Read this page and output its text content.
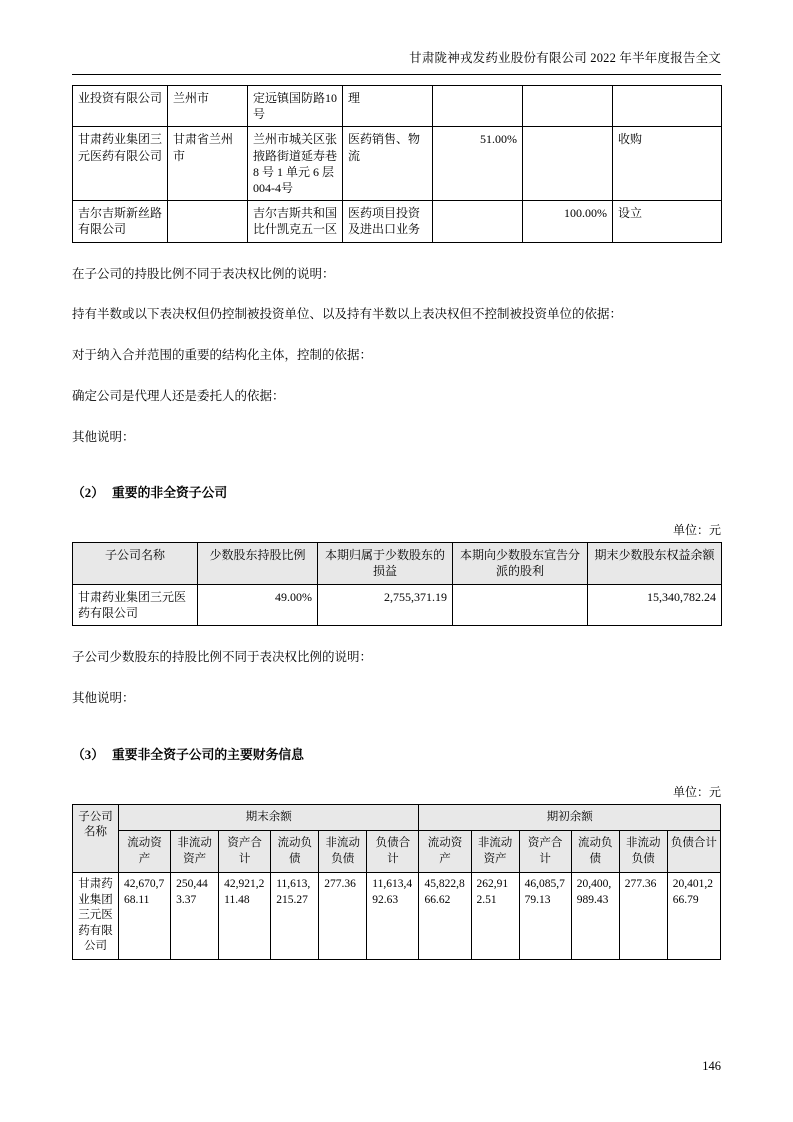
甘肃陇神戎发药业股份有限公司 2022 年半年度报告全文
业投资有限公司	兰州市	定远镇国防路10 号	理			
甘肃药业集团三元医药有限公司	甘肃省兰州市	兰州市城关区张掖路街道延寿巷 8 号 1 单元 6 层 004-4号	医药销售、物流	51.00%		收购
吉尔吉斯新丝路有限公司		吉尔吉斯共和国比什凯克五一区	医药项目投资及进出口业务		100.00%	设立

在子公司的持股比例不同于表决权比例的说明：

持有半数或以下表决权但仍控制被投资单位、以及持有半数以上表决权但不控制被投资单位的依据：

对于纳入合并范围的重要的结构化主体，控制的依据：

确定公司是代理人还是委托人的依据：

其他说明：

（2） 重要的非全资子公司
单位：元
子公司名称	少数股东持股比例	本期归属于少数股东的损益	本期向少数股东宣告分派的股利	期末少数股东权益余额
甘肃药业集团三元医药有限公司	49.00%	2,755,371.19		15,340,782.24

子公司少数股东的持股比例不同于表决权比例的说明：

其他说明：

（3） 重要非全资子公司的主要财务信息
单位：元
子公司名称	期末余额						期初余额					
	流动资产	非流动资产	资产合计	流动负债	非流动负债	负债合计	流动资产	非流动资产	资产合计	流动负债	非流动负债	负债合计
甘肃药业集团三元医药有限公司	42,670,768.11	250,443.37	42,921,211.48	11,613,215.27	277.36	11,613,492.63	45,822,866.62	262,912.51	46,085,779.13	20,400,989.43	277.36	20,401,266.79
146
